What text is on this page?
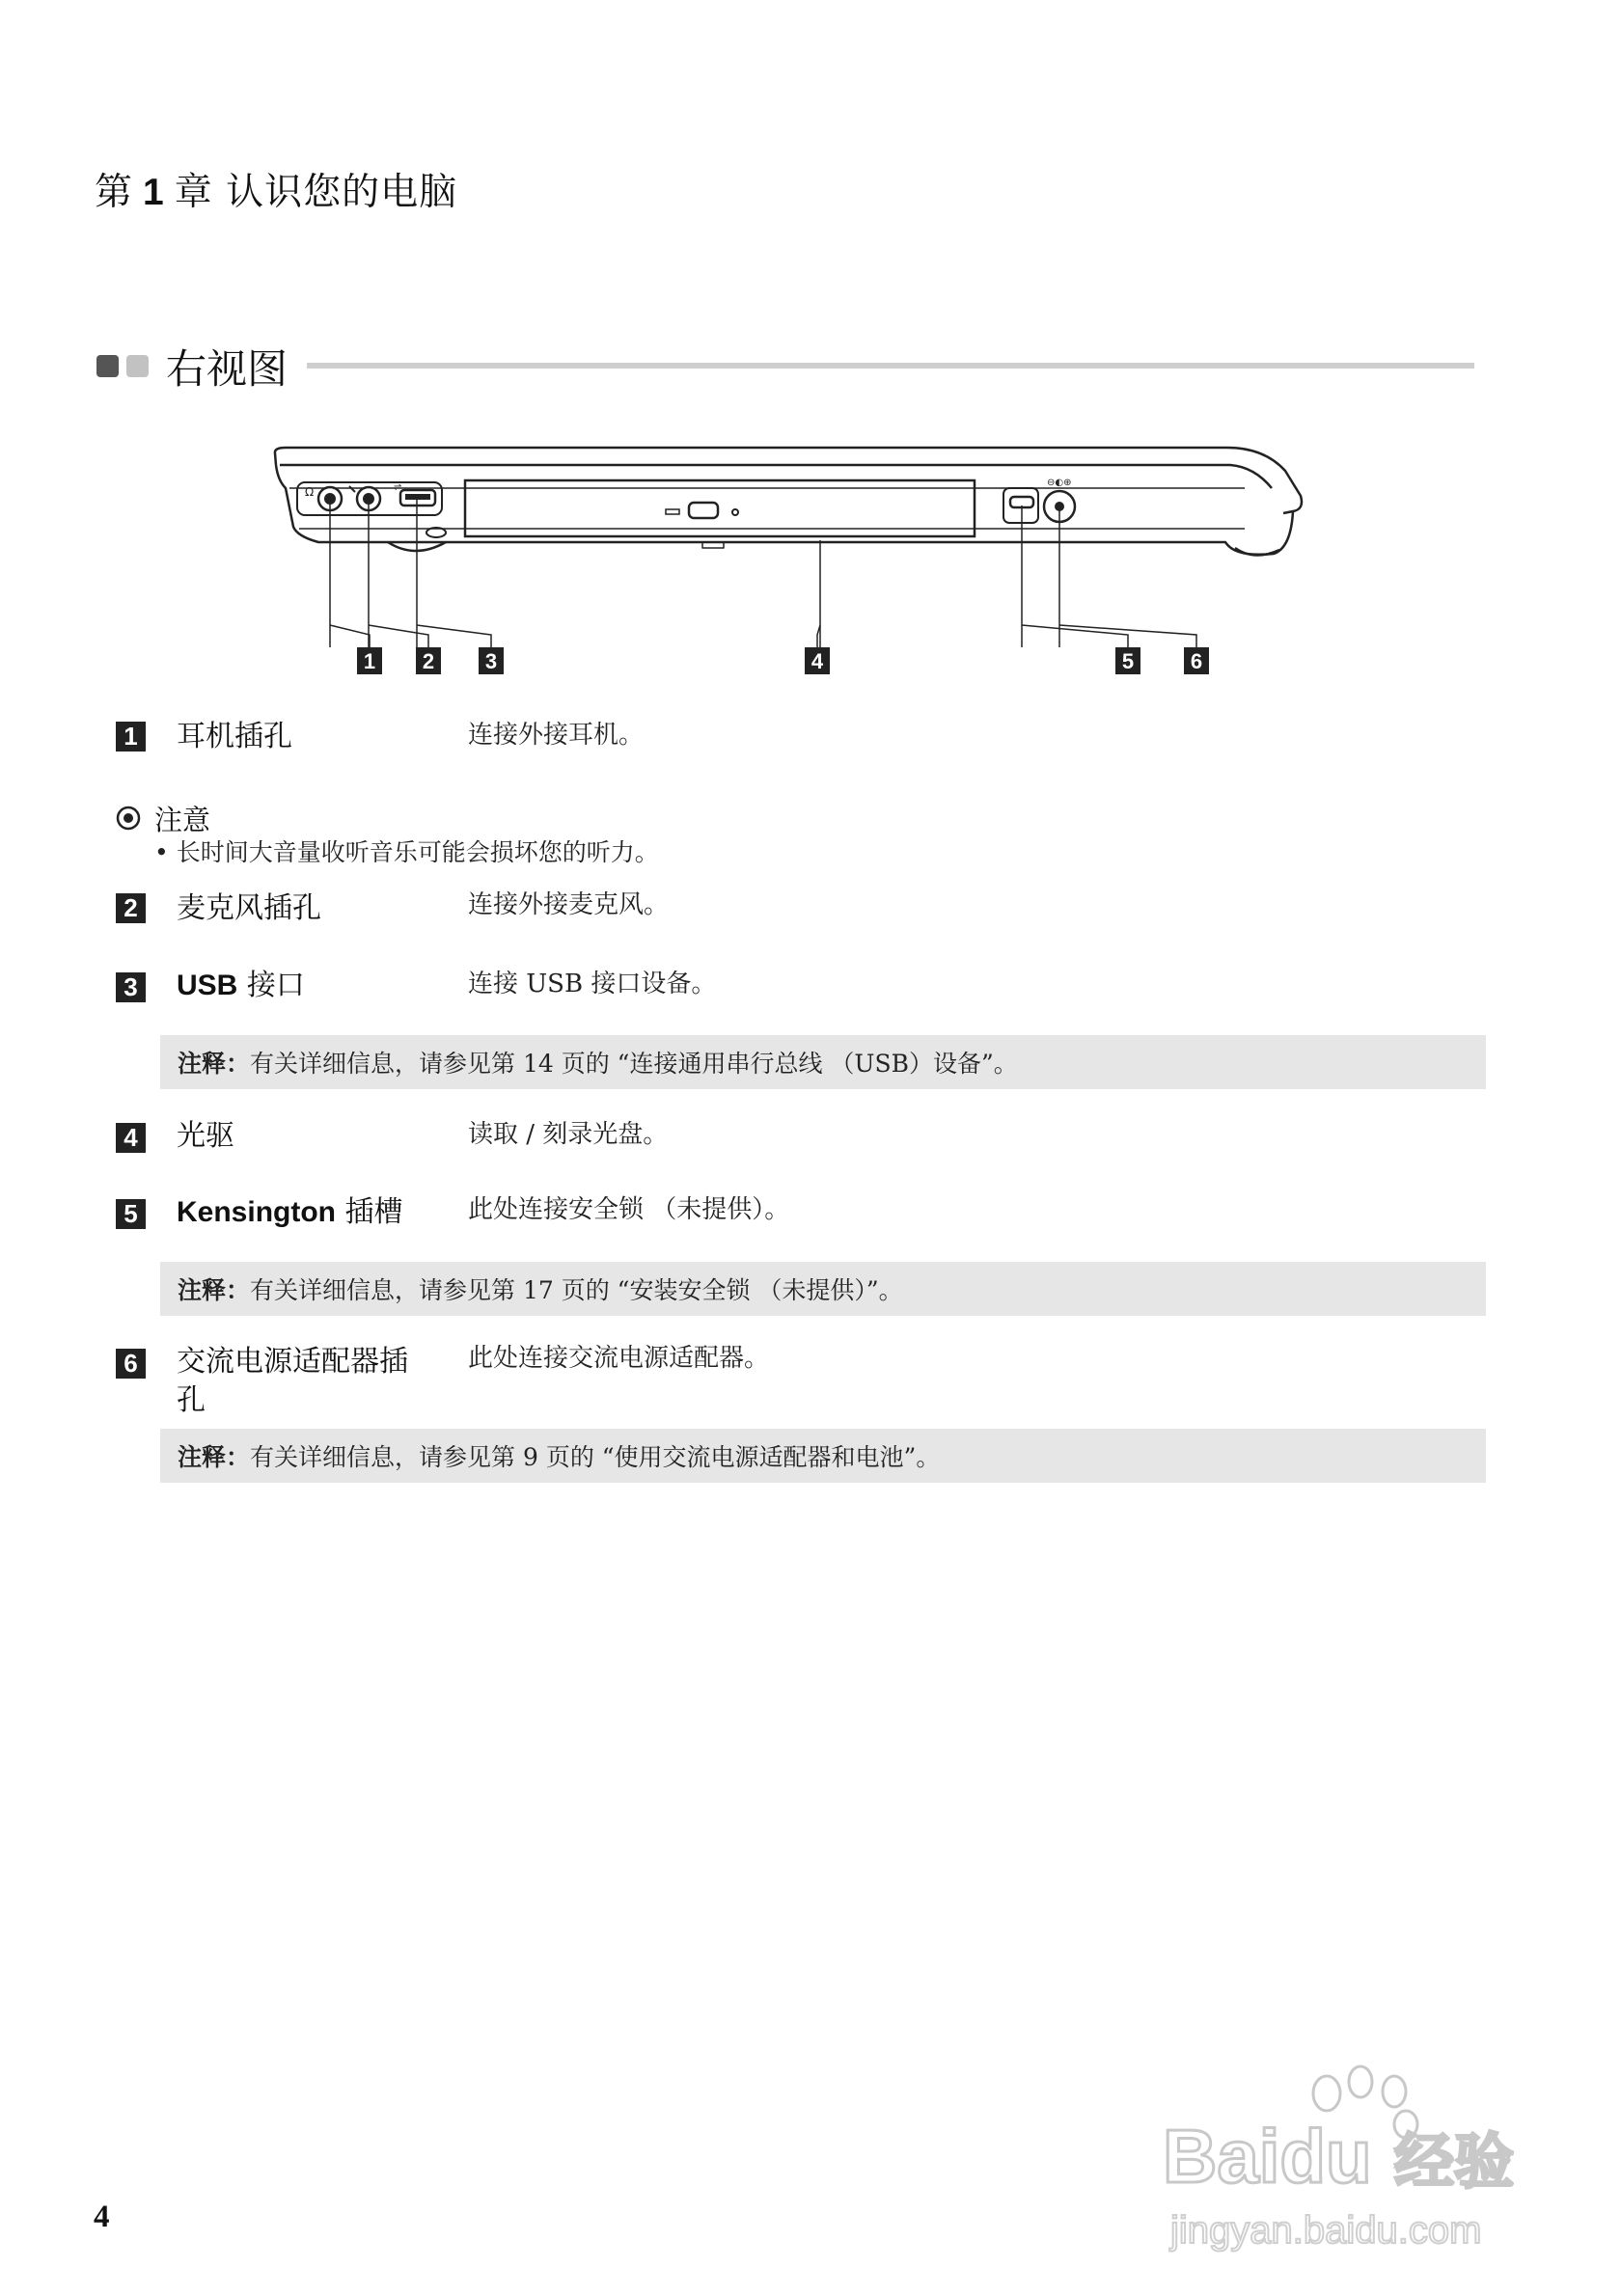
第 1 章 认识您的电脑
右视图
Ω	⇌	⊖◐⊕
1 2 3	4	5	6
1 耳机插孔	连接外接耳机。
注意
• 长时间大音量收听音乐可能会损坏您的听力。
2 麦克风插孔	连接外接麦克风。
3 USB 接口	连接 USB 接口设备。
注释：有关详细信息，请参见第 14 页的 “连接通用串行总线 （USB）设备”。
4 光驱	读取 / 刻录光盘。
5 Kensington 插槽	此处连接安全锁 （未提供）。
注释：有关详细信息，请参见第 17 页的 “安装安全锁 （未提供）”。
6 交流电源适配器插
孔
此处连接交流电源适配器。
注释：有关详细信息，请参见第 9 页的 “使用交流电源适配器和电池”。
4
Baidu 经验
jingyan.baidu.com
